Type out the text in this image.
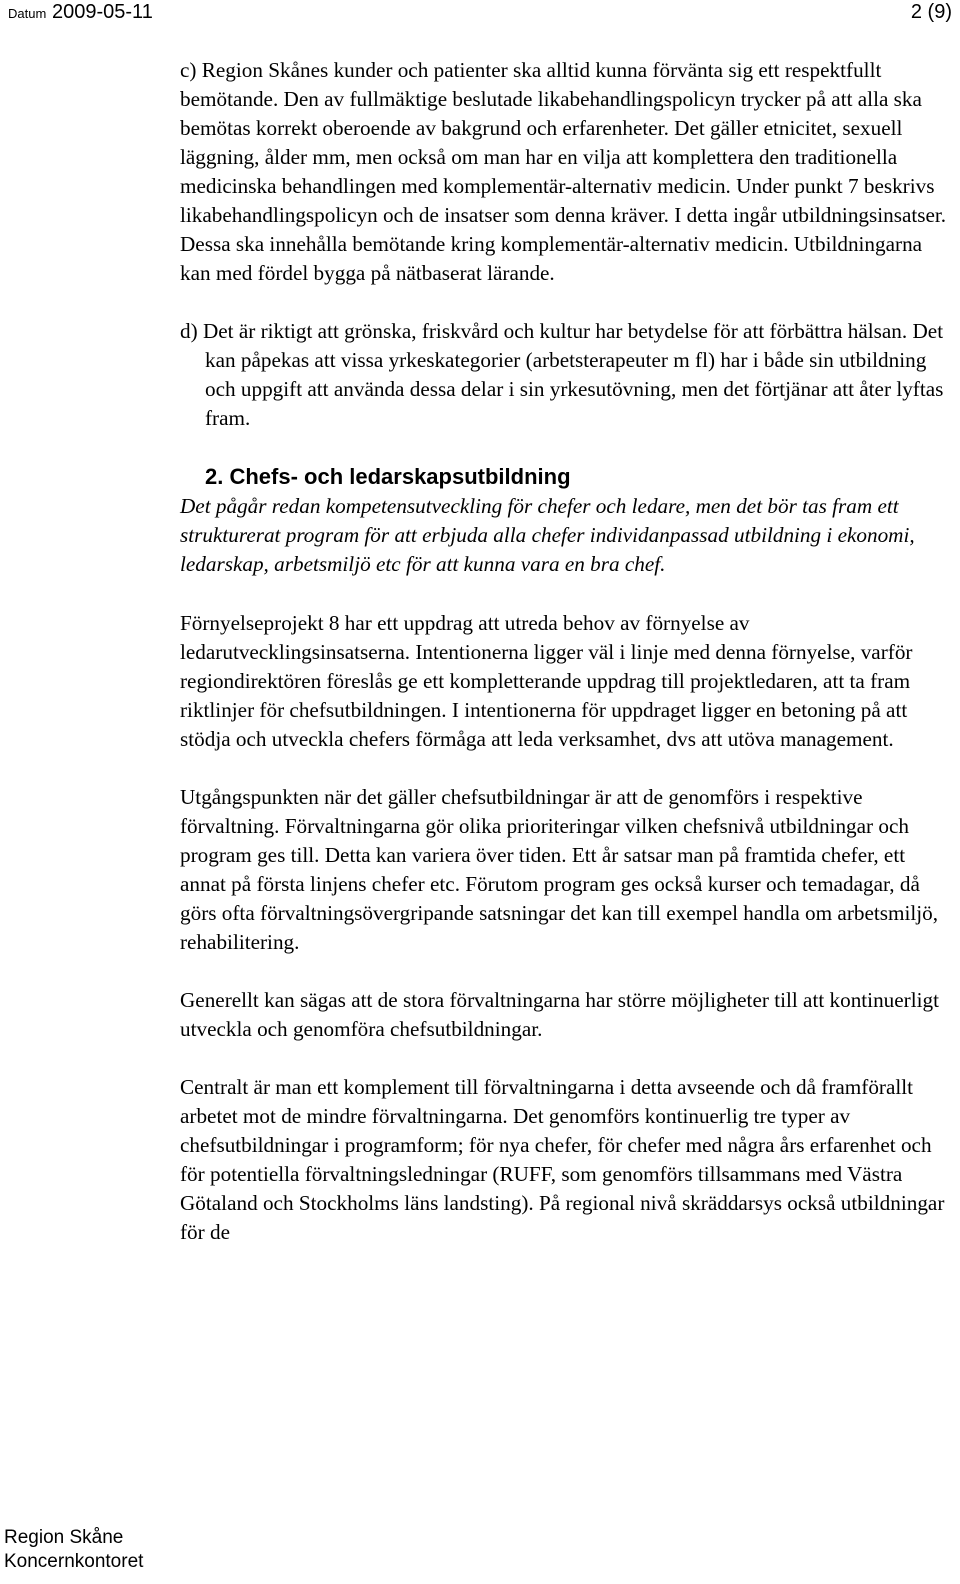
Datum 2009-05-11	2 (9)

c) Region Skånes kunder och patienter ska alltid kunna förvänta sig ett respektfullt bemötande. Den av fullmäktige beslutade likabehandlingspolicyn trycker på att alla ska bemötas korrekt oberoende av bakgrund och erfarenheter. Det gäller etnicitet, sexuell läggning, ålder mm, men också om man har en vilja att komplettera den traditionella medicinska behandlingen med komplementär-alternativ medicin. Under punkt 7 beskrivs likabehandlingspolicyn och de insatser som denna kräver. I detta ingår utbildningsinsatser. Dessa ska innehålla bemötande kring komplementär-alternativ medicin. Utbildningarna kan med fördel bygga på nätbaserat lärande.

d) Det är riktigt att grönska, friskvård och kultur har betydelse för att förbättra hälsan. Det kan påpekas att vissa yrkeskategorier (arbetsterapeuter m fl) har i både sin utbildning och uppgift att använda dessa delar i sin yrkesutövning, men det förtjänar att åter lyftas fram.

2. Chefs- och ledarskapsutbildning

Det pågår redan kompetensutveckling för chefer och ledare, men det bör tas fram ett strukturerat program för att erbjuda alla chefer individanpassad utbildning i ekonomi, ledarskap, arbetsmiljö etc för att kunna vara en bra chef.

Förnyelseprojekt 8 har ett uppdrag att utreda behov av förnyelse av ledarutvecklingsinsatserna. Intentionerna ligger väl i linje med denna förnyelse, varför regiondirektören föreslås ge ett kompletterande uppdrag till projektledaren, att ta fram riktlinjer för chefsutbildningen. I intentionerna för uppdraget ligger en betoning på att stödja och utveckla chefers förmåga att leda verksamhet, dvs att utöva management.

Utgångspunkten när det gäller chefsutbildningar är att de genomförs i respektive förvaltning. Förvaltningarna gör olika prioriteringar vilken chefsnivå utbildningar och program ges till. Detta kan variera över tiden. Ett år satsar man på framtida chefer, ett annat på första linjens chefer etc. Förutom program ges också kurser och temadagar, då görs ofta förvaltningsövergripande satsningar det kan till exempel handla om arbetsmiljö, rehabilitering.

Generellt kan sägas att de stora förvaltningarna har större möjligheter till att kontinuerligt utveckla och genomföra chefsutbildningar.

Centralt är man ett komplement till förvaltningarna i detta avseende och då framförallt arbetet mot de mindre förvaltningarna. Det genomförs kontinuerlig tre typer av chefsutbildningar i programform; för nya chefer, för chefer med några års erfarenhet och för potentiella förvaltningsledningar (RUFF, som genomförs tillsammans med Västra Götaland och Stockholms läns landsting). På regional nivå skräddarsys också utbildningar för de

Region Skåne
Koncernkontoret
